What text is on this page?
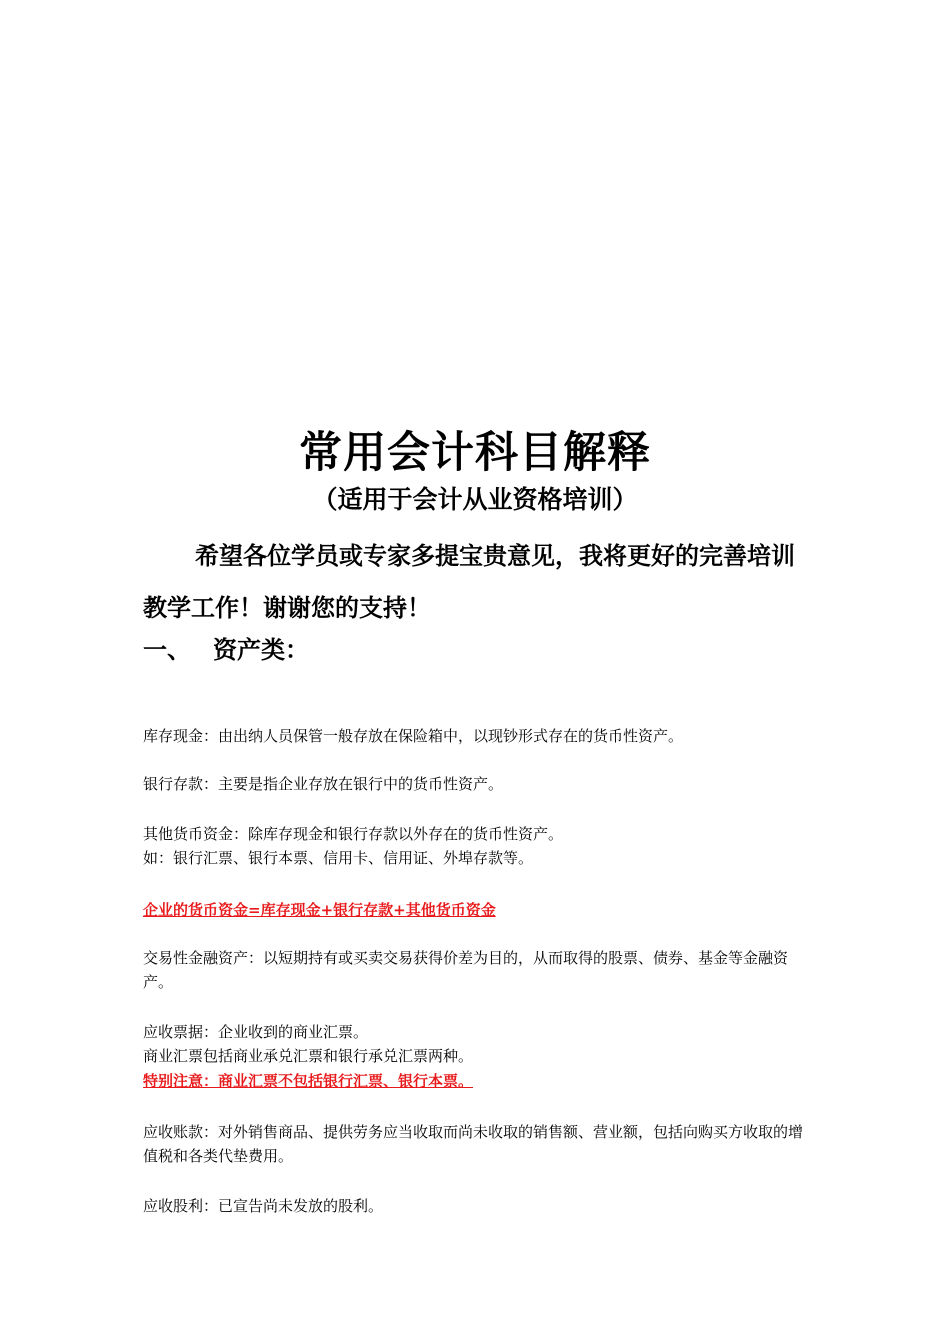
常用会计科目解释
（适用于会计从业资格培训）
希望各位学员或专家多提宝贵意见，我将更好的完善培训教学工作！谢谢您的支持！
一、 资产类：

库存现金：由出纳人员保管一般存放在保险箱中，以现钞形式存在的货币性资产。

银行存款：主要是指企业存放在银行中的货币性资产。

其他货币资金：除库存现金和银行存款以外存在的货币性资产。

如：银行汇票、银行本票、信用卡、信用证、外埠存款等。

企业的货币资金=库存现金+银行存款+其他货币资金

交易性金融资产：以短期持有或买卖交易获得价差为目的，从而取得的股票、债券、基金等金融资产。

应收票据：企业收到的商业汇票。

商业汇票包括商业承兑汇票和银行承兑汇票两种。

特别注意：商业汇票不包括银行汇票、银行本票。

应收账款：对外销售商品、提供劳务应当收取而尚未收取的销售额、营业额，包括向购买方收取的增值税和各类代垫费用。

应收股利：已宣告尚未发放的股利。
